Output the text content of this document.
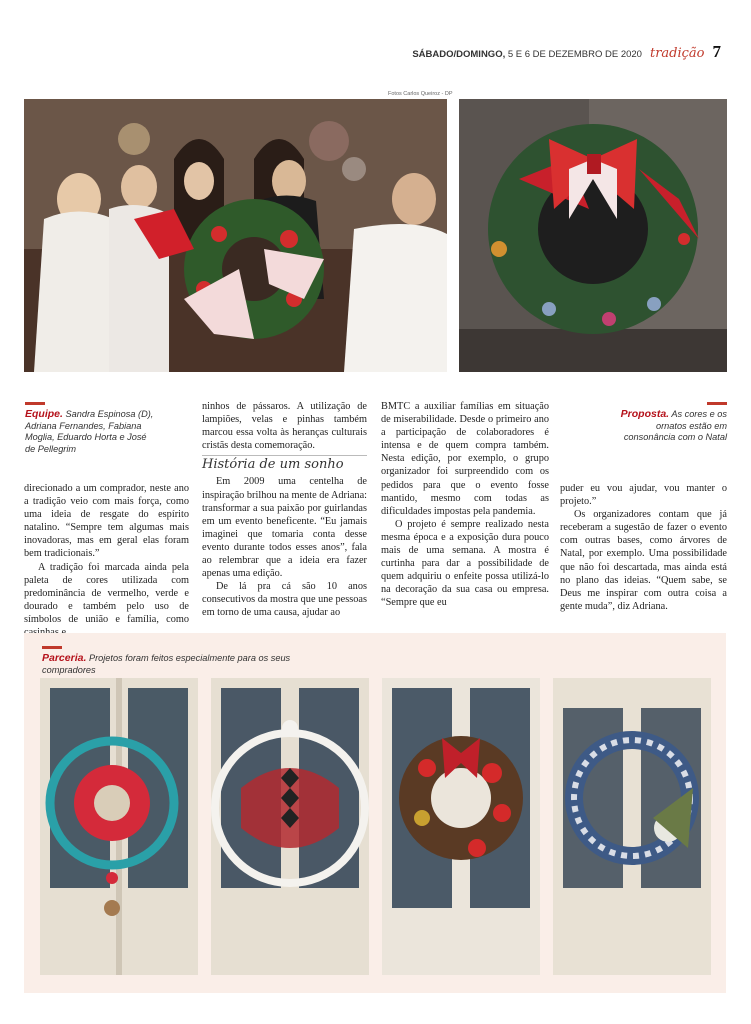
SÁBADO/DOMINGO, 5 E 6 DE DEZEMBRO DE 2020 tradição 7
Fotos Carlos Queiroz - DP
Equipe. Sandra Espinosa (D), Adriana Fernandes, Fabiana Moglia, Eduardo Horta e José de Pellegrim
Proposta. As cores e os ornatos estão em consonância com o Natal

direcionado a um comprador, neste ano a tradição veio com mais força, como uma ideia de resgate do espírito natalino. “Sempre tem algumas mais inovadoras, mas em geral elas foram bem tradicionais.”

A tradição foi marcada ainda pela paleta de cores utilizada com predominância de vermelho, verde e dourado e também pelo uso de símbolos de união e família, como

ninhos de pássaros. A utilização de lampiões, velas e pinhas também marcou essa volta às heranças culturais cristãs desta comemoração.

História de um sonho

Em 2009 uma centelha de inspiração brilhou na mente de Adriana: transformar a sua paixão por guirlandas em um evento beneficente. “Eu jamais imaginei que tomaria conta desse evento durante todos esses anos”, fala ao relembrar que a ideia era fazer apenas uma edição.

De lá pra cá são 10 anos consecutivos da mostra que une pessoas em torno de uma causa, ajudar ao

BMTC a auxiliar famílias em situação de miserabilidade. Desde o primeiro ano a participação de colaboradores é intensa e de quem compra também. Nesta edição, por exemplo, o grupo organizador foi surpreendido com os pedidos para que o evento fosse mantido, mesmo com todas as dificuldades impostas pela pandemia.

O projeto é sempre realizado nesta mesma época e a exposição dura pouco mais de uma semana. A mostra é curtinha para dar a possibilidade de quem adquiriu o enfeite possa utilizá-lo na decoração da sua casa ou empresa. “Sempre que eu

puder eu vou ajudar, vou manter o projeto.”

Os organizadores contam que já receberam a sugestão de fazer o evento com outras bases, como árvores de Natal, por exemplo. Uma possibilidade que não foi descartada, mas ainda está no plano das ideias. “Quem sabe, se Deus me inspirar com outra coisa a gente muda”, diz Adriana.

Parceria. Projetos foram feitos especialmente para os seus compradores
